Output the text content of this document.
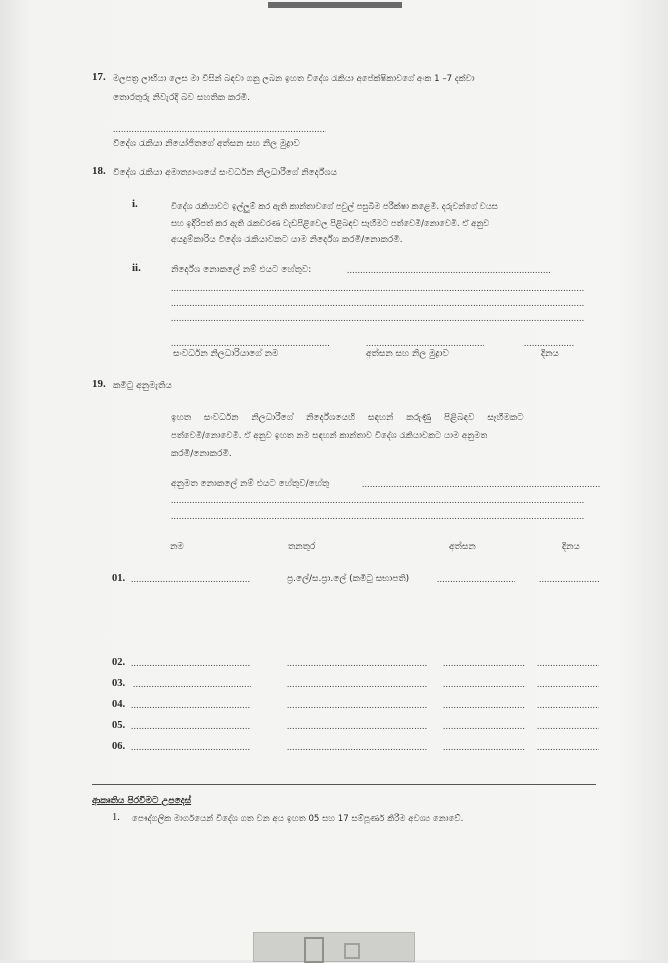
17. මලපත්‍ර ලාභියා ලෙස මා විසින් බඳවා ගනු ලබන ඉහත විදේශ රැකියා අපේක්ෂිකාවගේ අංක 1 –7 දක්වා
තොරතුරු නිවැරදි බව සහතික කරමි.
.....
විදේශ රැකියා නියෝජිතගේ අත්සන සහ නිල මුද්‍රාව
18. විදේශ රැකියා අමාත්‍යාංශයේ සංවර්ධන නිලධාරීගේ නිර්දේශය
i.	විදේශ රැකියාවට ඉල්ලුම් කර ඇති කාන්තාවගේ පවුල් පසුබිම පරීක්ෂා කළෙමි. දරුවන්ගේ වයස
සහ ඉදිරිපත් කර ඇති රැකවරණ වැඩපිළිවෙල පිළිබඳව සෑහීමට පත්වෙමි/නොවෙමි. ඒ අනුව
අයදුම්කාරිය විදේශ රැකියාවකට යාම නිර්දේශ කරමි/නොකරමි.
ii.	නිර්දේශ නොකලේ නම් එයට හේතුව:
.....
.....
.....
.....
.....
.....
.....
සංවර්ධන නිලධාරියාගේ නම	අත්සන සහ නිල මුද්‍රාව	දිනය
19. කමිටු අනුමැතිය
ඉහත සංවර්ධන නිලධාරීගේ නිර්දේශයෙහි සඳහන් කරුණු පිළිබඳව සෑහීමකට
පත්වෙමි/නොවෙමි. ඒ අනුව ඉහත නම සඳහන් කාන්තාව විදේශ රැකියාවකට යාම අනුමත
කරමි/නොකරමි.
අනුමත නොකලේ නම් එයට හේතුව/හේතු
.....
.....
.....
නම	තනතුර	අත්සන	දිනය
01.
.....	ප්‍ර.ලේ/ස.ප්‍රා.ලේ (කමිටු සභාපති)
.....
.....
02.
.....
.....
.....
.....
03.
.....
.....
.....
.....
04.
.....
.....
.....
.....
05.
.....
.....
.....
.....
06.
.....
.....
.....
.....
ආකෘතිය පිරවීමට උපදෙස්
1. පෞද්ගලික මාර්ගයෙන් විදේශ ගත වන අය ඉහත 05 සහ 17 සම්පූර්ණ කිරීම අවශ්‍ය නොවේ.
